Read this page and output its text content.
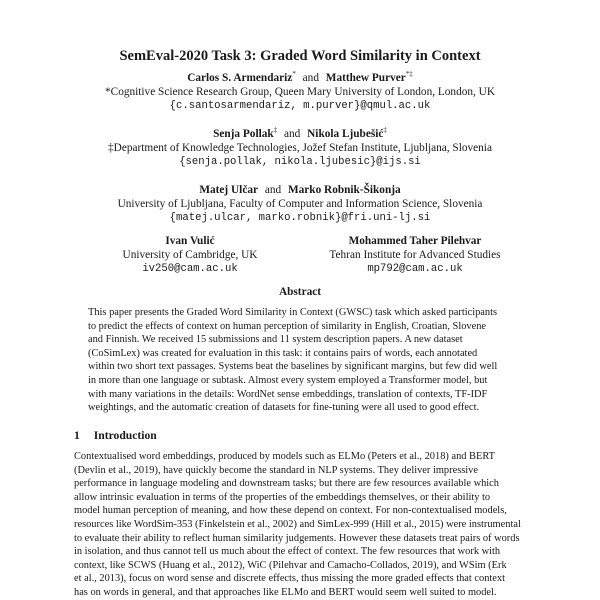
SemEval-2020 Task 3: Graded Word Similarity in Context
Carlos S. Armendariz* and Matthew Purver*‡
*Cognitive Science Research Group, Queen Mary University of London, London, UK
{c.santosarmendariz, m.purver}@qmul.ac.uk
Senja Pollak‡ and Nikola Ljubešić‡
‡Department of Knowledge Technologies, Jožef Stefan Institute, Ljubljana, Slovenia
{senja.pollak, nikola.ljubesic}@ijs.si
Matej Ulčar and Marko Robnik-Šikonja
University of Ljubljana, Faculty of Computer and Information Science, Slovenia
{matej.ulcar, marko.robnik}@fri.uni-lj.si
Ivan Vulić
University of Cambridge, UK
iv250@cam.ac.uk
Mohammed Taher Pilehvar
Tehran Institute for Advanced Studies
mp792@cam.ac.uk
Abstract
This paper presents the Graded Word Similarity in Context (GWSC) task which asked participants
to predict the effects of context on human perception of similarity in English, Croatian, Slovene
and Finnish. We received 15 submissions and 11 system description papers. A new dataset
(CoSimLex) was created for evaluation in this task: it contains pairs of words, each annotated
within two short text passages. Systems beat the baselines by significant margins, but few did well
in more than one language or subtask. Almost every system employed a Transformer model, but
with many variations in the details: WordNet sense embeddings, translation of contexts, TF-IDF
weightings, and the automatic creation of datasets for fine-tuning were all used to good effect.
1 Introduction
Contextualised word embeddings, produced by models such as ELMo (Peters et al., 2018) and BERT
(Devlin et al., 2019), have quickly become the standard in NLP systems. They deliver impressive
performance in language modeling and downstream tasks; but there are few resources available which
allow intrinsic evaluation in terms of the properties of the embeddings themselves, or their ability to
model human perception of meaning, and how these depend on context. For non-contextualised models,
resources like WordSim-353 (Finkelstein et al., 2002) and SimLex-999 (Hill et al., 2015) were instrumental
to evaluate their ability to reflect human similarity judgements. However these datasets treat pairs of words
in isolation, and thus cannot tell us much about the effect of context. The few resources that work with
context, like SCWS (Huang et al., 2012), WiC (Pilehvar and Camacho-Collados, 2019), and WSim (Erk
et al., 2013), focus on word sense and discrete effects, thus missing the more graded effects that context
has on words in general, and that approaches like ELMo and BERT would seem well suited to model.
